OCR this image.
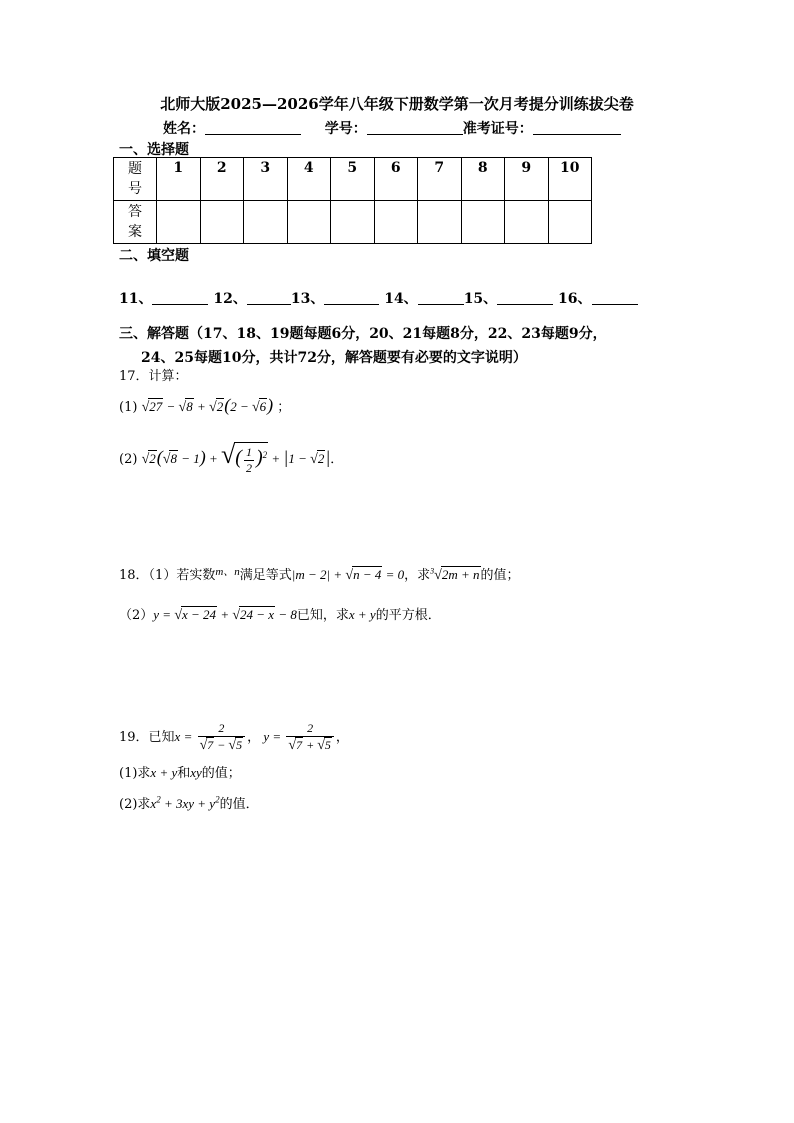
北师大版2025—2026学年八年级下册数学第一次月考提分训练拔尖卷
姓名：	学号：	准考证号：
一、选择题
题
号	1	2	3	4	5	6	7	8	9	10

答
案										

二、填空题
11、	12、	13、	14、	15、	16、
三、解答题（17、18、19题每题6分，20、21每题8分，22、23每题9分，
24、25每题10分，共计72分，解答题要有必要的文字说明）
17．计算：
(1) √27 − √8 + √2(2 − √6) ；
(2) √2(√8 − 1) + √( $\frac{1}{2} )^2 + |1 - √2|$．
18．（1）若实数$^{m、n}$满足等式|m − 2| + √n − 4 = 0，求$^3$√2m + n的值；
（2）y = √x − 24 + √24 − x − 8已知，求x + y的平方根．
19．已知$x = \frac{2}{√7 - √5}$ ， $y = \frac{2}{√7 + √5}$ ，
(1)求x + y和xy的值；
(2)求$x^2 + 3xy + y^2$的值．
